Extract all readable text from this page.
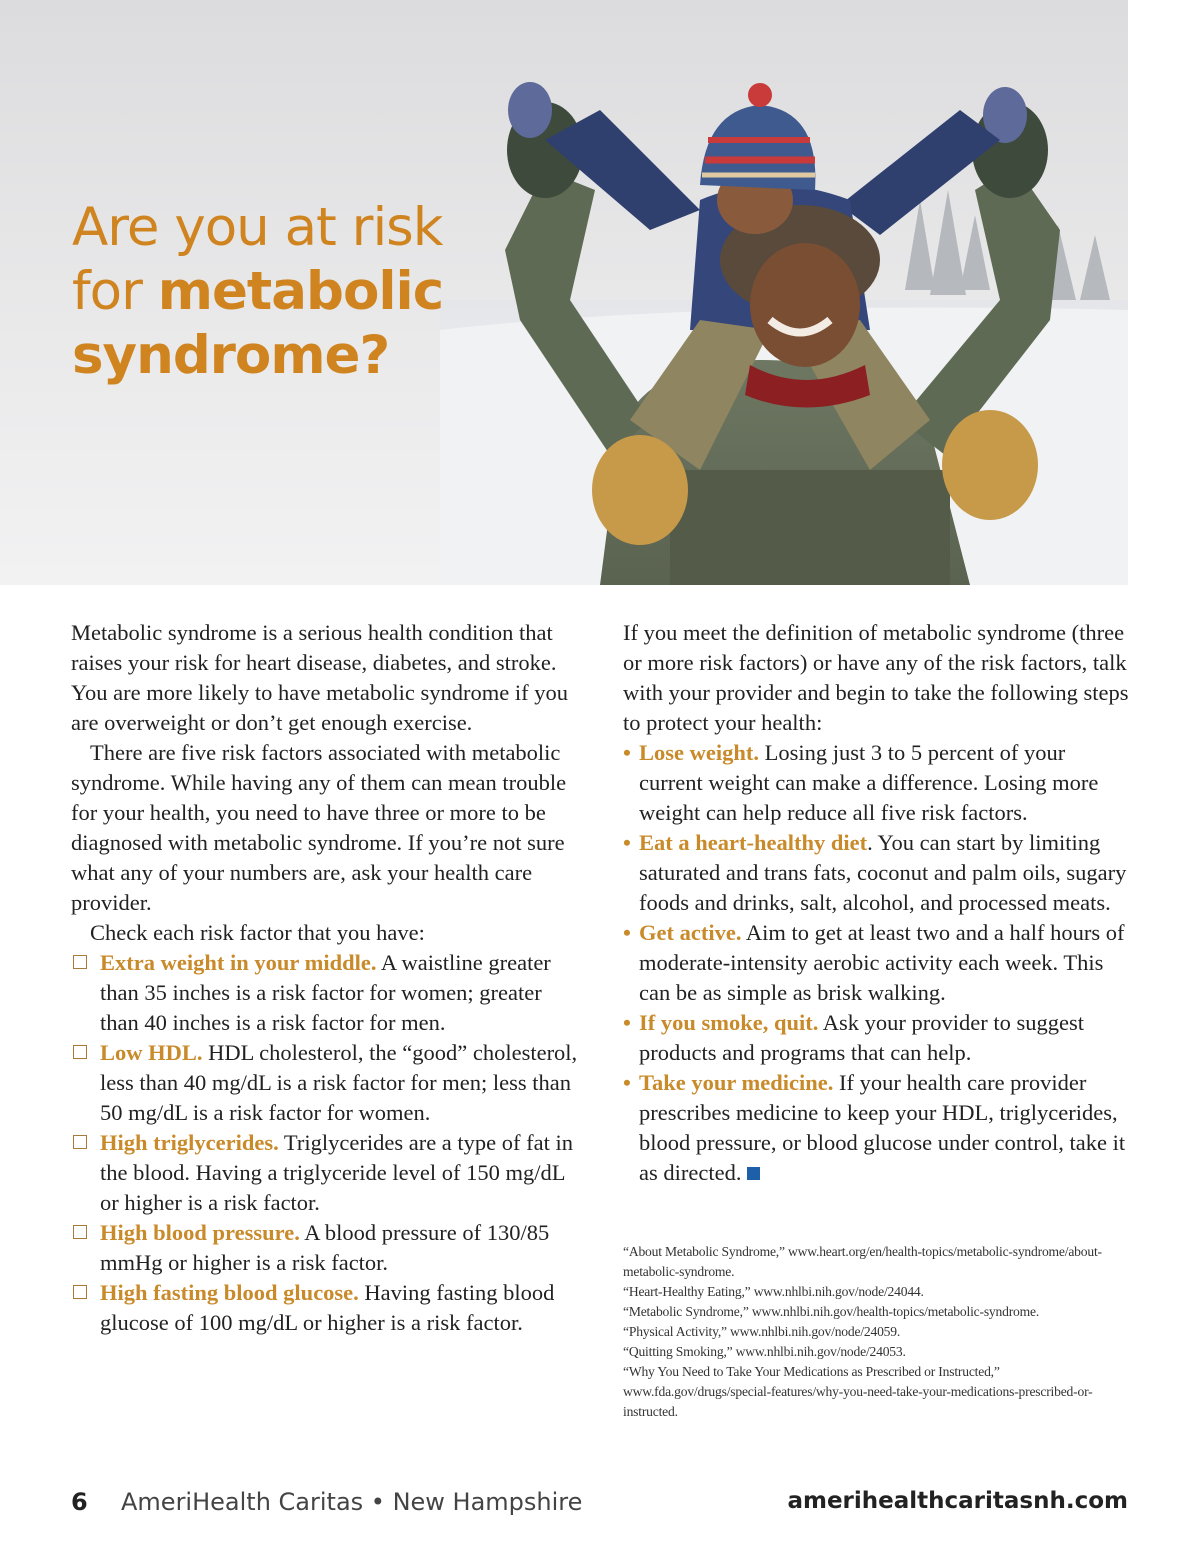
Are you at risk
for metabolic
syndrome?

Metabolic syndrome is a serious health condition that raises your risk for heart disease, diabetes, and stroke. You are more likely to have metabolic syndrome if you are overweight or don’t get enough exercise.

There are five risk factors associated with metabolic syndrome. While having any of them can mean trouble for your health, you need to have three or more to be diagnosed with metabolic syndrome. If you’re not sure what any of your numbers are, ask your health care provider.

Check each risk factor that you have:

Extra weight in your middle. A waistline greater than 35 inches is a risk factor for women; greater than 40 inches is a risk factor for men.
Low HDL. HDL cholesterol, the “good” cholesterol, less than 40 mg/dL is a risk factor for men; less than 50 mg/dL is a risk factor for women.
High triglycerides. Triglycerides are a type of fat in the blood. Having a triglyceride level of 150 mg/dL or higher is a risk factor.
High blood pressure. A blood pressure of 130/85 mmHg or higher is a risk factor.
High fasting blood glucose. Having fasting blood glucose of 100 mg/dL or higher is a risk factor.

If you meet the definition of metabolic syndrome (three or more risk factors) or have any of the risk factors, talk with your provider and begin to take the following steps to protect your health:

• Lose weight. Losing just 3 to 5 percent of your current weight can make a difference. Losing more weight can help reduce all five risk factors.
• Eat a heart-healthy diet. You can start by limiting saturated and trans fats, coconut and palm oils, sugary foods and drinks, salt, alcohol, and processed meats.
• Get active. Aim to get at least two and a half hours of moderate-intensity aerobic activity each week. This can be as simple as brisk walking.
• If you smoke, quit. Ask your provider to suggest products and programs that can help.
• Take your medicine. If your health care provider prescribes medicine to keep your HDL, triglycerides, blood pressure, or blood glucose under control, take it as directed.

“About Metabolic Syndrome,” www.heart.org/en/health-topics/metabolic-syndrome/about-metabolic-syndrome.

“Heart-Healthy Eating,” www.nhlbi.nih.gov/node/24044.

“Metabolic Syndrome,” www.nhlbi.nih.gov/health-topics/metabolic-syndrome.

“Physical Activity,” www.nhlbi.nih.gov/node/24059.

“Quitting Smoking,” www.nhlbi.nih.gov/node/24053.

“Why You Need to Take Your Medications as Prescribed or Instructed,” www.fda.gov/drugs/special-features/why-you-need-take-your-medications-prescribed-or-instructed.

6 AmeriHealth Caritas • New Hampshire	amerihealthcaritasnh.com
